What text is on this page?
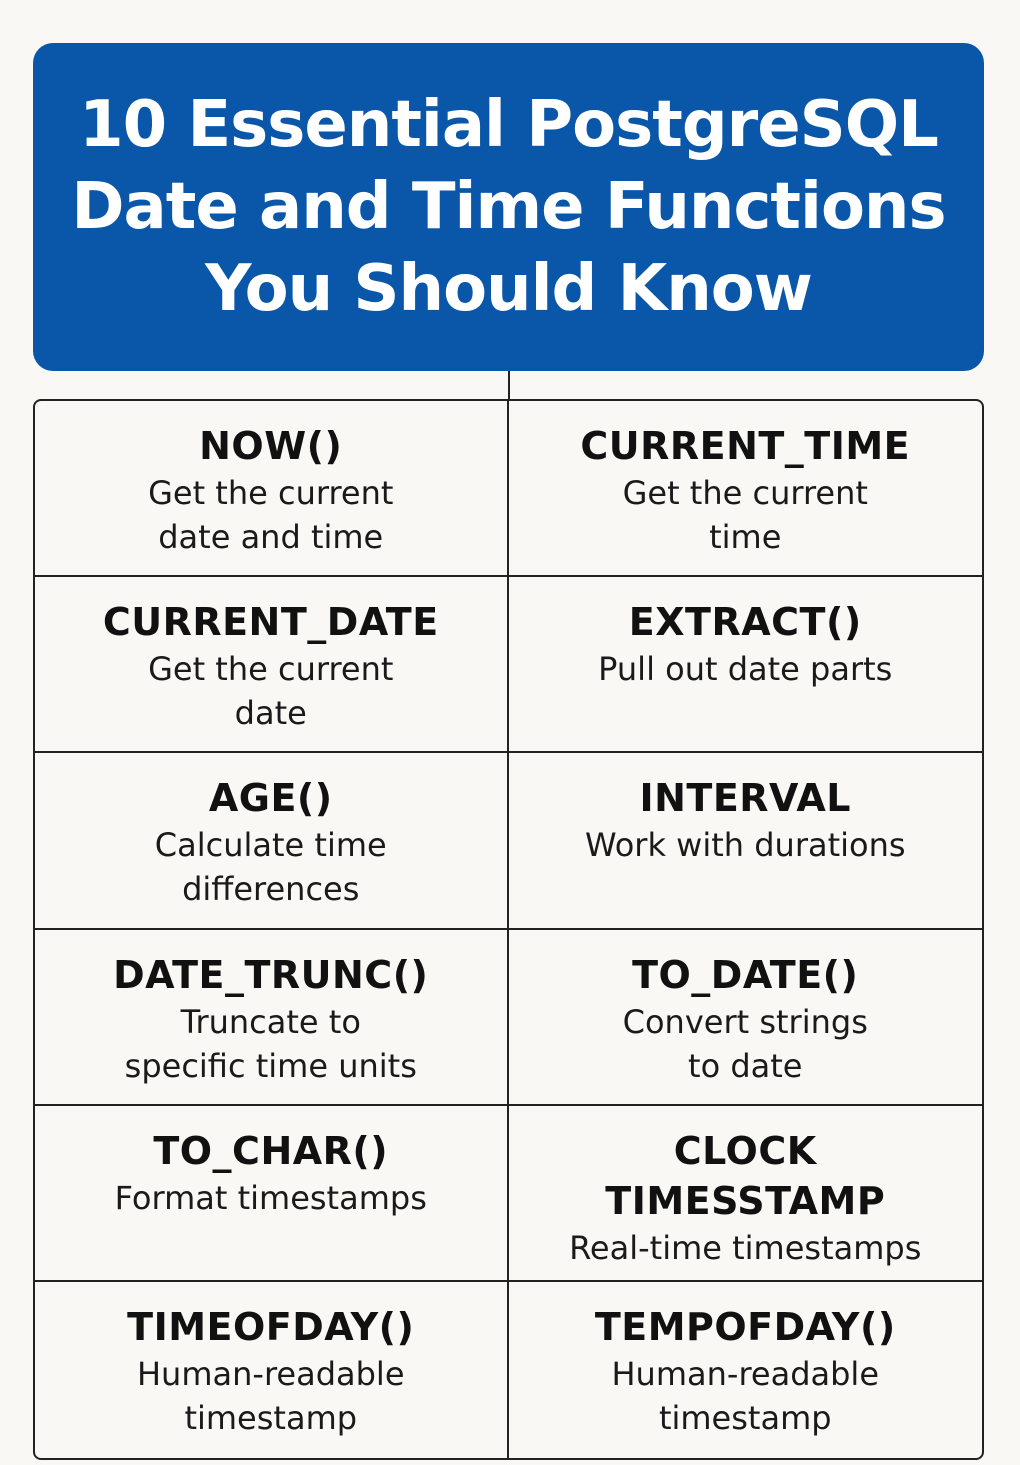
10 Essential PostgreSQL
Date and Time Functions
You Should Know
NOW()
Get the current
date and time
CURRENT_TIME
Get the current
time
CURRENT_DATE
Get the current
date
EXTRACT()
Pull out date parts
AGE()
Calculate time
differences
INTERVAL
Work with durations
DATE_TRUNC()
Truncate to
specific time units
TO_DATE()
Convert strings
to date
TO_CHAR()
Format timestamps
CLOCK
TIMESSTAMP
Real-time timestamps
TIMEOFDAY()
Human-readable
timestamp
TEMPOFDAY()
Human-readable
timestamp
